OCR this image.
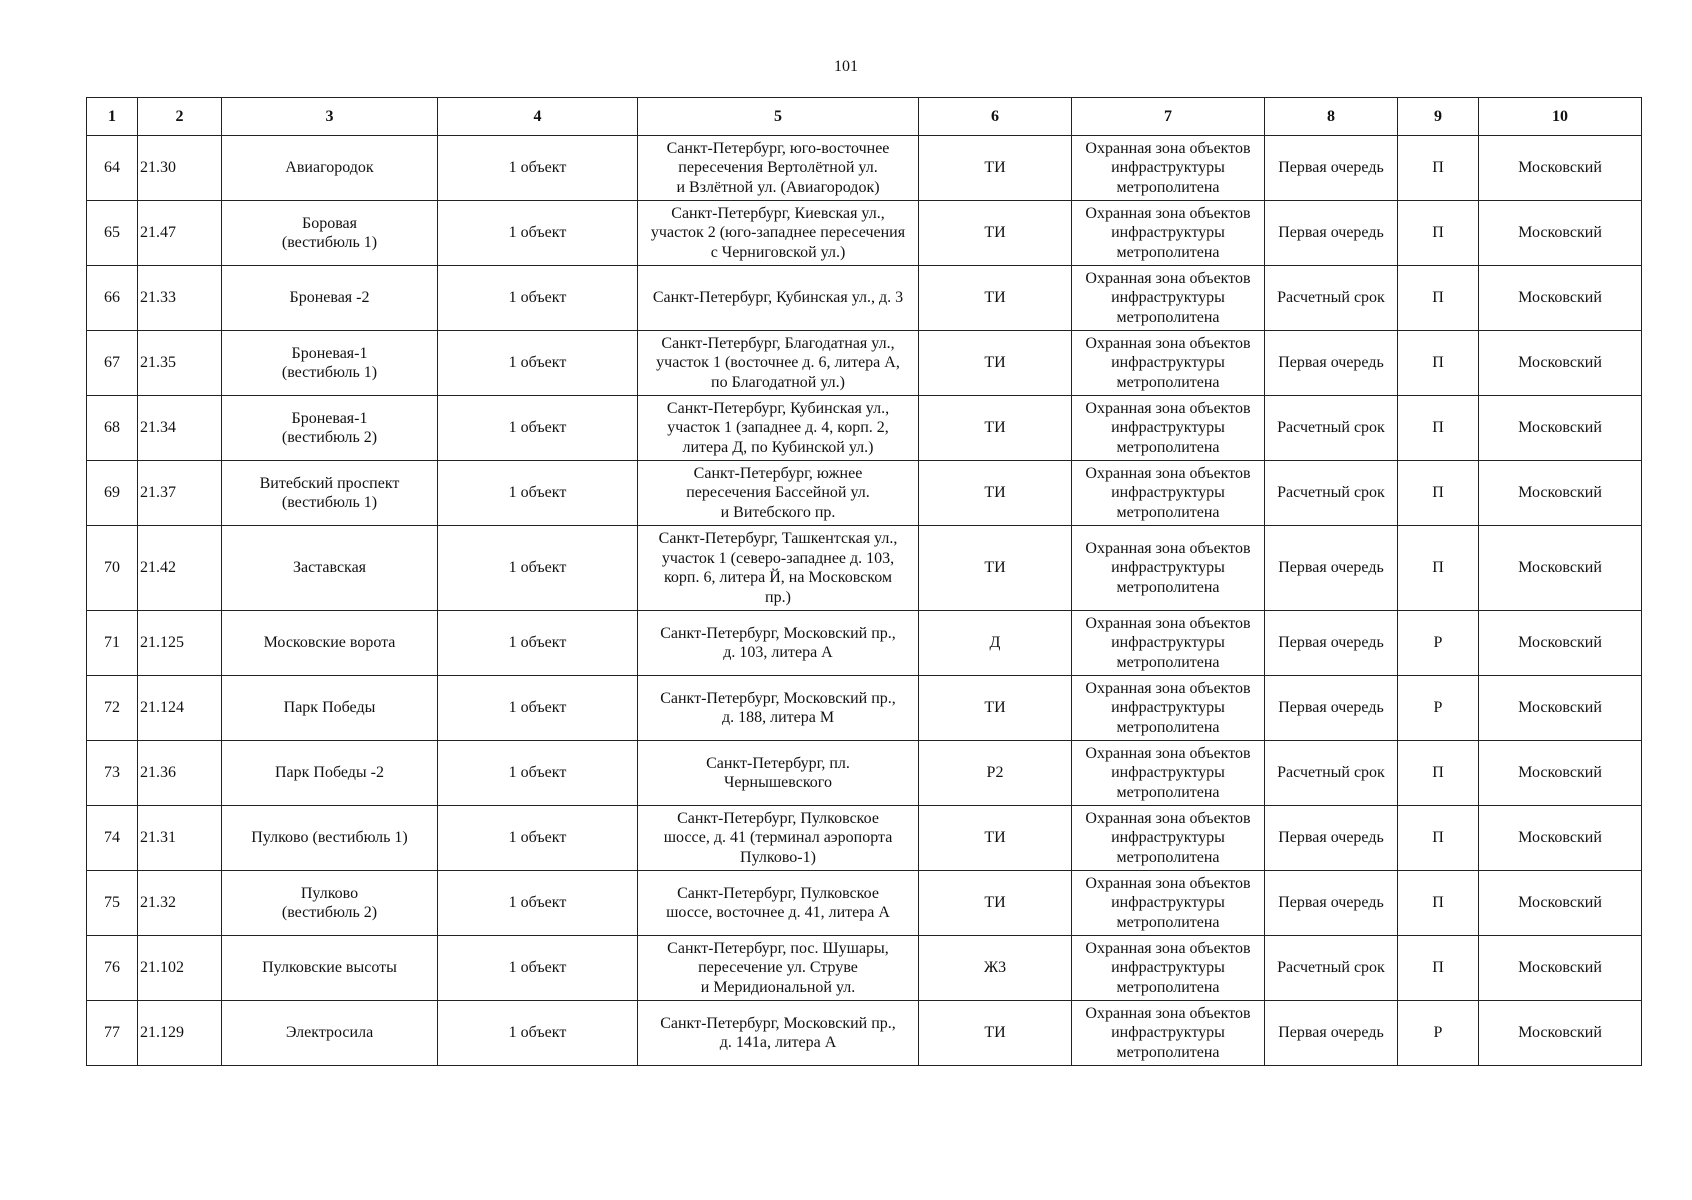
101
1	2	3	4	5	6	7	8	9	10
64	21.30	Авиагородок	1 объект	Санкт-Петербург, юго-восточнее
пересечения Вертолётной ул.
и Взлётной ул. (Авиагородок)	ТИ	Охранная зона объектов
инфраструктуры
метрополитена	Первая очередь	П	Московский
65	21.47	Боровая
(вестибюль 1)	1 объект	Санкт-Петербург, Киевская ул.,
участок 2 (юго-западнее пересечения
с Черниговской ул.)	ТИ	Охранная зона объектов
инфраструктуры
метрополитена	Первая очередь	П	Московский
66	21.33	Броневая -2	1 объект	Санкт-Петербург, Кубинская ул., д. 3	ТИ	Охранная зона объектов
инфраструктуры
метрополитена	Расчетный срок	П	Московский
67	21.35	Броневая-1
(вестибюль 1)	1 объект	Санкт-Петербург, Благодатная ул.,
участок 1 (восточнее д. 6, литера А,
по Благодатной ул.)	ТИ	Охранная зона объектов
инфраструктуры
метрополитена	Первая очередь	П	Московский
68	21.34	Броневая-1
(вестибюль 2)	1 объект	Санкт-Петербург, Кубинская ул.,
участок 1 (западнее д. 4, корп. 2,
литера Д, по Кубинской ул.)	ТИ	Охранная зона объектов
инфраструктуры
метрополитена	Расчетный срок	П	Московский
69	21.37	Витебский проспект
(вестибюль 1)	1 объект	Санкт-Петербург, южнее
пересечения Бассейной ул.
и Витебского пр.	ТИ	Охранная зона объектов
инфраструктуры
метрополитена	Расчетный срок	П	Московский
70	21.42	Заставская	1 объект	Санкт-Петербург, Ташкентская ул.,
участок 1 (северо-западнее д. 103,
корп. 6, литера Й, на Московском
пр.)	ТИ	Охранная зона объектов
инфраструктуры
метрополитена	Первая очередь	П	Московский
71	21.125	Московские ворота	1 объект	Санкт-Петербург, Московский пр.,
д. 103, литера А	Д	Охранная зона объектов
инфраструктуры
метрополитена	Первая очередь	Р	Московский
72	21.124	Парк Победы	1 объект	Санкт-Петербург, Московский пр.,
д. 188, литера М	ТИ	Охранная зона объектов
инфраструктуры
метрополитена	Первая очередь	Р	Московский
73	21.36	Парк Победы -2	1 объект	Санкт-Петербург, пл.
Чернышевского	Р2	Охранная зона объектов
инфраструктуры
метрополитена	Расчетный срок	П	Московский
74	21.31	Пулково (вестибюль 1)	1 объект	Санкт-Петербург, Пулковское
шоссе, д. 41 (терминал аэропорта
Пулково-1)	ТИ	Охранная зона объектов
инфраструктуры
метрополитена	Первая очередь	П	Московский
75	21.32	Пулково
(вестибюль 2)	1 объект	Санкт-Петербург, Пулковское
шоссе, восточнее д. 41, литера А	ТИ	Охранная зона объектов
инфраструктуры
метрополитена	Первая очередь	П	Московский
76	21.102	Пулковские высоты	1 объект	Санкт-Петербург, пос. Шушары,
пересечение ул. Струве
и Меридиональной ул.	Ж3	Охранная зона объектов
инфраструктуры
метрополитена	Расчетный срок	П	Московский
77	21.129	Электросила	1 объект	Санкт-Петербург, Московский пр.,
д. 141а, литера А	ТИ	Охранная зона объектов
инфраструктуры
метрополитена	Первая очередь	Р	Московский
